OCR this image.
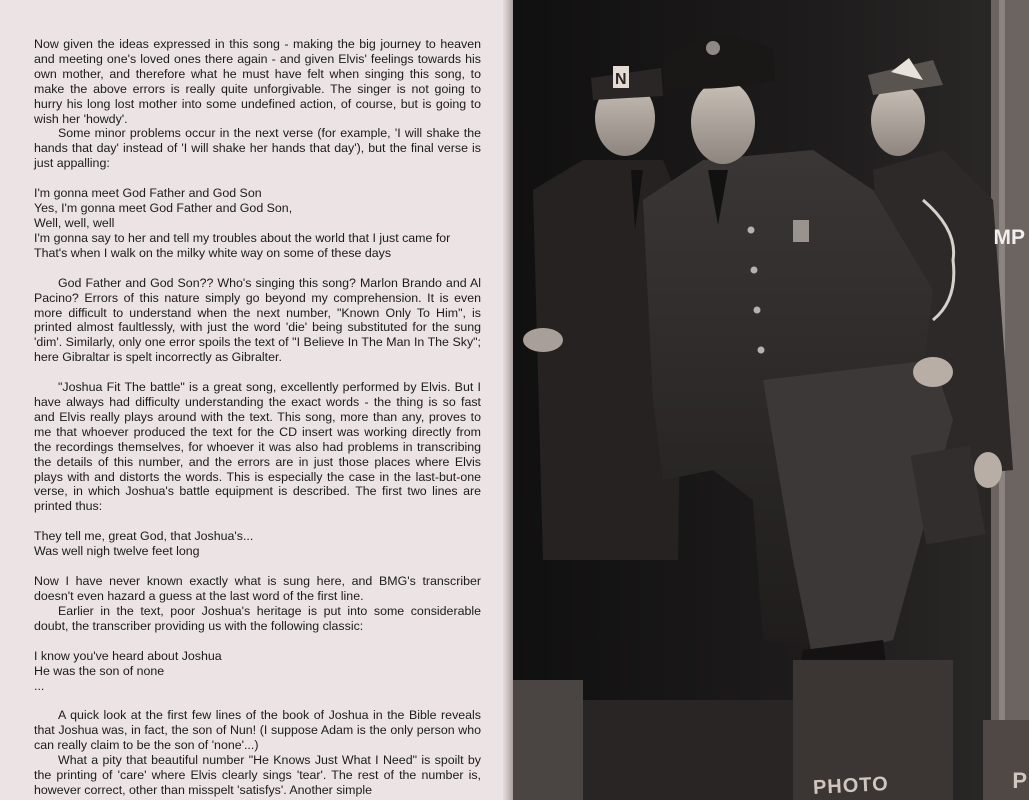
Now given the ideas expressed in this song - making the big journey to heaven and meeting one's loved ones there again - and given Elvis' feelings towards his own mother, and therefore what he must have felt when singing this song, to make the above errors is really quite unforgivable. The singer is not going to hurry his long lost mother into some undefined action, of course, but is going to wish her 'howdy'.

Some minor problems occur in the next verse (for example, 'I will shake the hands that day' instead of 'I will shake her hands that day'), but the final verse is just appalling:

I'm gonna meet God Father and God Son

Yes, I'm gonna meet God Father and God Son,

Well, well, well

I'm gonna say to her and tell my troubles about the world that I just came for

That's when I walk on the milky white way on some of these days

God Father and God Son?? Who's singing this song? Marlon Brando and Al Pacino? Errors of this nature simply go beyond my comprehension. It is even more difficult to understand when the next number, "Known Only To Him", is printed almost faultlessly, with just the word 'die' being substituted for the sung 'dim'. Similarly, only one error spoils the text of "I Believe In The Man In The Sky"; here Gibraltar is spelt incorrectly as Gibralter.

"Joshua Fit The battle" is a great song, excellently performed by Elvis. But I have always had difficulty understanding the exact words - the thing is so fast and Elvis really plays around with the text. This song, more than any, proves to me that whoever produced the text for the CD insert was working directly from the recordings themselves, for whoever it was also had problems in transcribing the details of this number, and the errors are in just those places where Elvis plays with and distorts the words. This is especially the case in the last-but-one verse, in which Joshua's battle equipment is described. The first two lines are printed thus:

They tell me, great God, that Joshua's...

Was well nigh twelve feet long

Now I have never known exactly what is sung here, and BMG's transcriber doesn't even hazard a guess at the last word of the first line.

Earlier in the text, poor Joshua's heritage is put into some considerable doubt, the transcriber providing us with the following classic:

I know you've heard about Joshua

He was the son of none

...

A quick look at the first few lines of the book of Joshua in the Bible reveals that Joshua was, in fact, the son of Nun! (I suppose Adam is the only person who can really claim to be the son of 'none'...)

What a pity that beautiful number "He Knows Just What I Need" is spoilt by the printing of 'care' where Elvis clearly sings 'tear'. The rest of the number is, however correct, other than misspelt 'satisfys'. Another simple

N
MP
PHOTO	P
